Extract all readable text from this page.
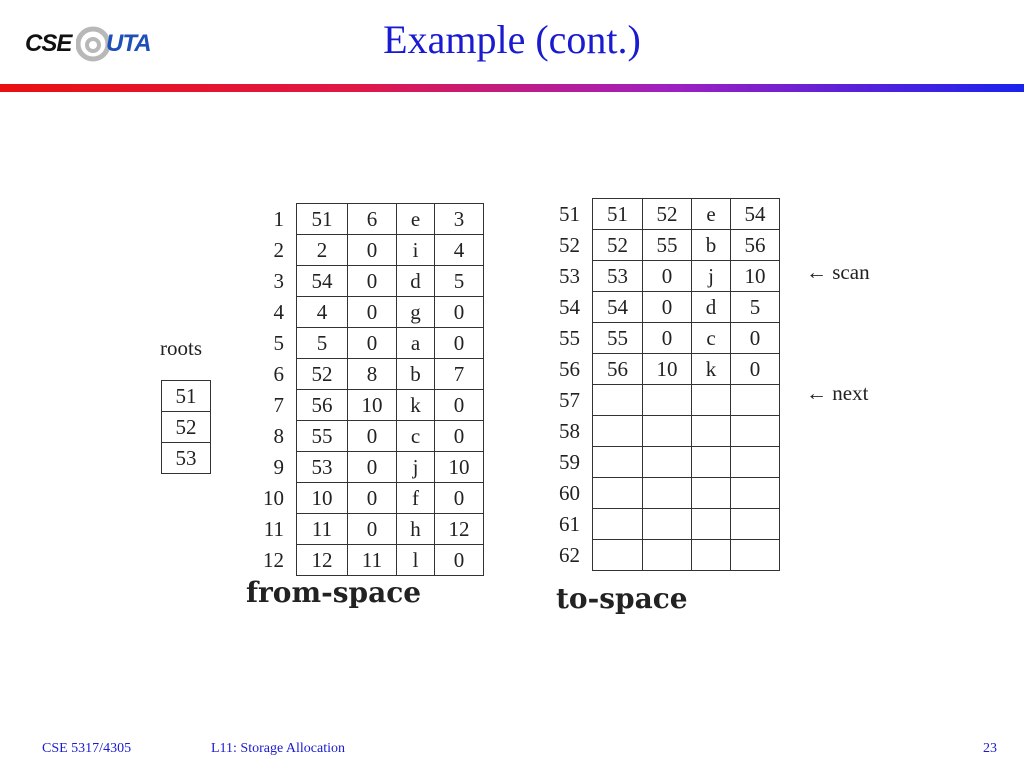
CSE UTA	Example (cont.)
roots
51
52
53
1	51	6	e	3
2	2	0	i	4
3	54	0	d	5
4	4	0	g	0
5	5	0	a	0
6	52	8	b	7
7	56	10	k	0
8	55	0	c	0
9	53	0	j	10
10	10	0	f	0
11	11	0	h	12
12	12	11	l	0
from-space
51	51	52	e	54
52	52	55	b	56
53	53	0	j	10
54	54	0	d	5
55	55	0	c	0
56	56	10	k	0
57				
58				
59				
60				
61				
62				
to-space
← scan
← next
CSE 5317/4305	L11: Storage Allocation	23
